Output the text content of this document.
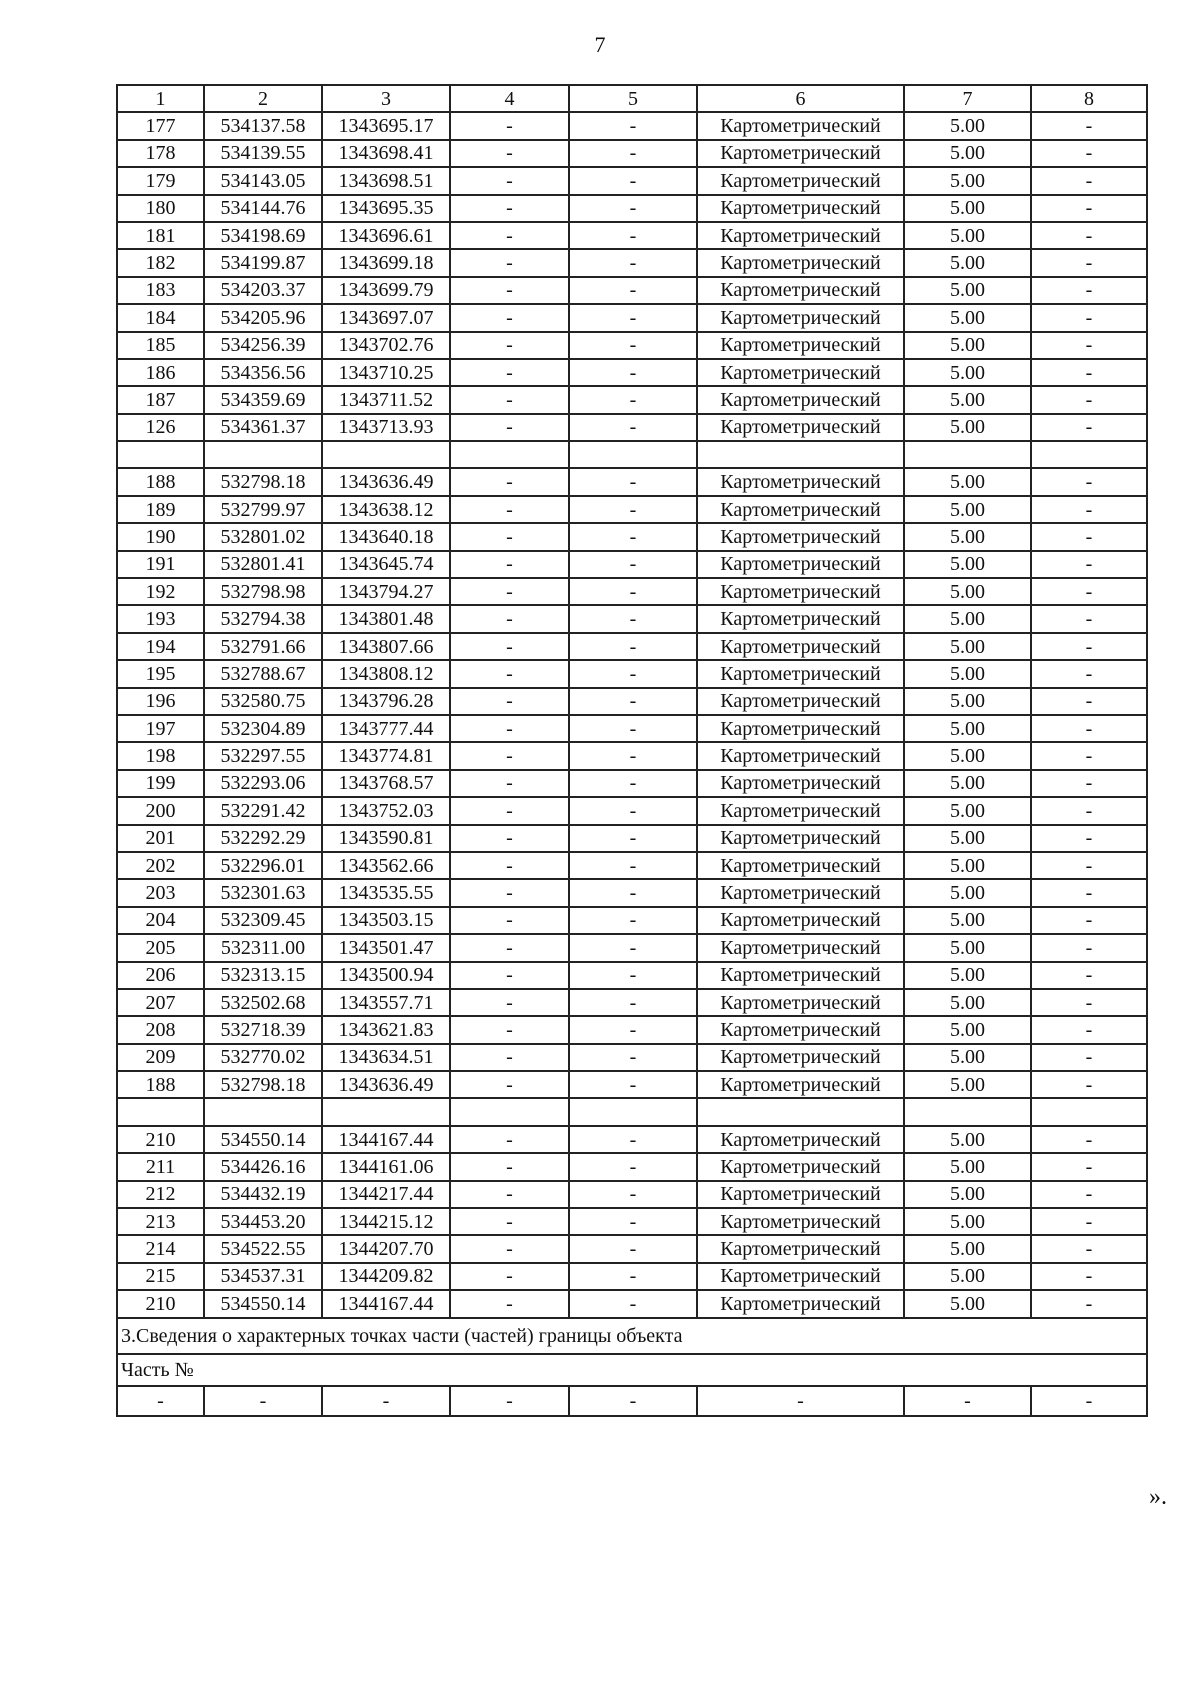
7
1	2	3	4	5	6	7	8
177	534137.58	1343695.17	-	-	Картометрический	5.00	-
178	534139.55	1343698.41	-	-	Картометрический	5.00	-
179	534143.05	1343698.51	-	-	Картометрический	5.00	-
180	534144.76	1343695.35	-	-	Картометрический	5.00	-
181	534198.69	1343696.61	-	-	Картометрический	5.00	-
182	534199.87	1343699.18	-	-	Картометрический	5.00	-
183	534203.37	1343699.79	-	-	Картометрический	5.00	-
184	534205.96	1343697.07	-	-	Картометрический	5.00	-
185	534256.39	1343702.76	-	-	Картометрический	5.00	-
186	534356.56	1343710.25	-	-	Картометрический	5.00	-
187	534359.69	1343711.52	-	-	Картометрический	5.00	-
126	534361.37	1343713.93	-	-	Картометрический	5.00	-

188	532798.18	1343636.49	-	-	Картометрический	5.00	-
189	532799.97	1343638.12	-	-	Картометрический	5.00	-
190	532801.02	1343640.18	-	-	Картометрический	5.00	-
191	532801.41	1343645.74	-	-	Картометрический	5.00	-
192	532798.98	1343794.27	-	-	Картометрический	5.00	-
193	532794.38	1343801.48	-	-	Картометрический	5.00	-
194	532791.66	1343807.66	-	-	Картометрический	5.00	-
195	532788.67	1343808.12	-	-	Картометрический	5.00	-
196	532580.75	1343796.28	-	-	Картометрический	5.00	-
197	532304.89	1343777.44	-	-	Картометрический	5.00	-
198	532297.55	1343774.81	-	-	Картометрический	5.00	-
199	532293.06	1343768.57	-	-	Картометрический	5.00	-
200	532291.42	1343752.03	-	-	Картометрический	5.00	-
201	532292.29	1343590.81	-	-	Картометрический	5.00	-
202	532296.01	1343562.66	-	-	Картометрический	5.00	-
203	532301.63	1343535.55	-	-	Картометрический	5.00	-
204	532309.45	1343503.15	-	-	Картометрический	5.00	-
205	532311.00	1343501.47	-	-	Картометрический	5.00	-
206	532313.15	1343500.94	-	-	Картометрический	5.00	-
207	532502.68	1343557.71	-	-	Картометрический	5.00	-
208	532718.39	1343621.83	-	-	Картометрический	5.00	-
209	532770.02	1343634.51	-	-	Картометрический	5.00	-
188	532798.18	1343636.49	-	-	Картометрический	5.00	-

210	534550.14	1344167.44	-	-	Картометрический	5.00	-
211	534426.16	1344161.06	-	-	Картометрический	5.00	-
212	534432.19	1344217.44	-	-	Картометрический	5.00	-
213	534453.20	1344215.12	-	-	Картометрический	5.00	-
214	534522.55	1344207.70	-	-	Картометрический	5.00	-
215	534537.31	1344209.82	-	-	Картометрический	5.00	-
210	534550.14	1344167.44	-	-	Картометрический	5.00	-
3.Сведения о характерных точках части (частей) границы объекта							
Часть №							
-	-	-	-	-	-	-	-
».
